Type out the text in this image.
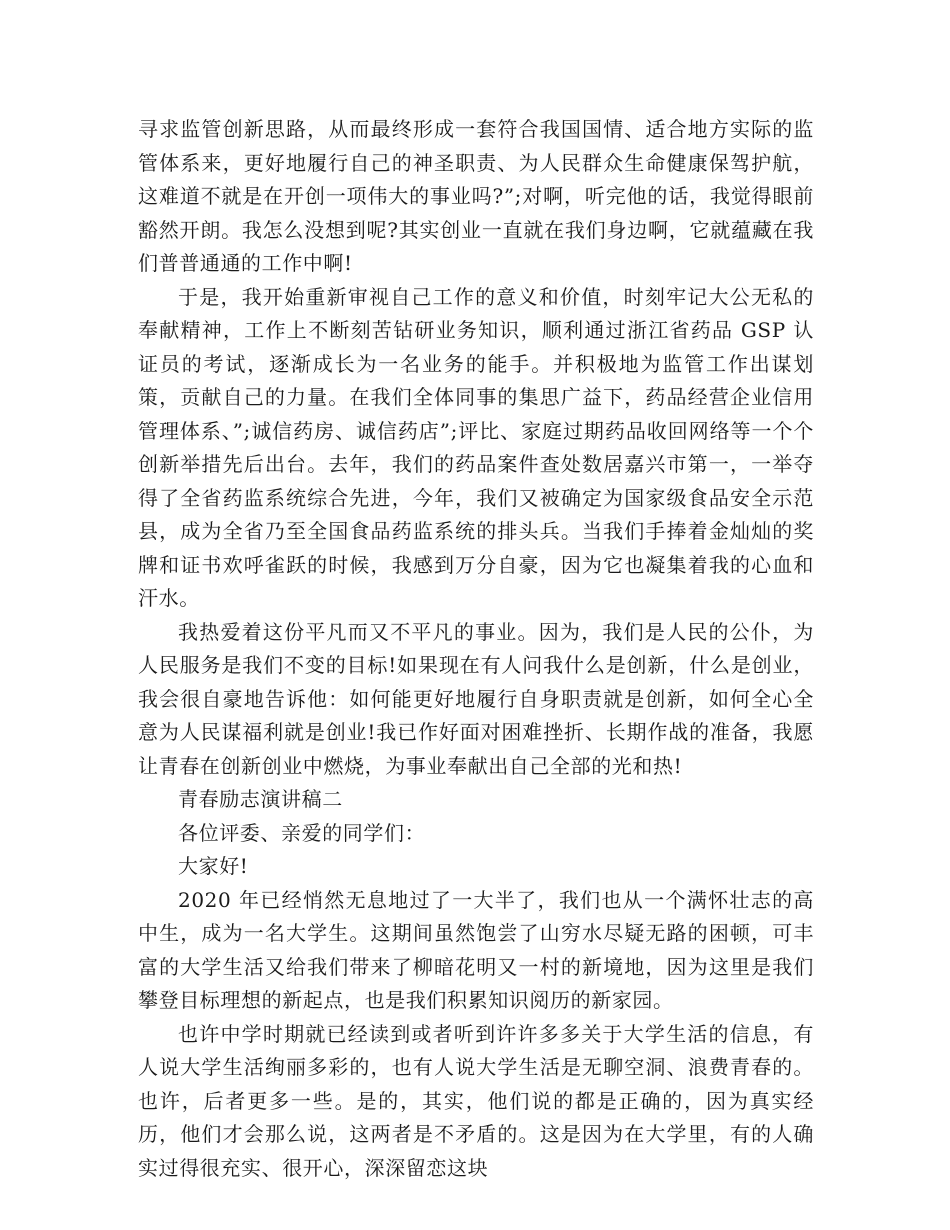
寻求监管创新思路，从而最终形成一套符合我国国情、适合地方实际的监管体系来，更好地履行自己的神圣职责、为人民群众生命健康保驾护航，这难道不就是在开创一项伟大的事业吗?”;对啊，听完他的话，我觉得眼前豁然开朗。我怎么没想到呢?其实创业一直就在我们身边啊，它就蕴藏在我们普普通通的工作中啊!

于是，我开始重新审视自己工作的意义和价值，时刻牢记大公无私的奉献精神，工作上不断刻苦钻研业务知识，顺利通过浙江省药品 GSP 认证员的考试，逐渐成长为一名业务的能手。并积极地为监管工作出谋划策，贡献自己的力量。在我们全体同事的集思广益下，药品经营企业信用管理体系、”;诚信药房、诚信药店”;评比、家庭过期药品收回网络等一个个创新举措先后出台。去年，我们的药品案件查处数居嘉兴市第一，一举夺得了全省药监系统综合先进，今年，我们又被确定为国家级食品安全示范县，成为全省乃至全国食品药监系统的排头兵。当我们手捧着金灿灿的奖牌和证书欢呼雀跃的时候，我感到万分自豪，因为它也凝集着我的心血和汗水。

我热爱着这份平凡而又不平凡的事业。因为，我们是人民的公仆，为人民服务是我们不变的目标!如果现在有人问我什么是创新，什么是创业，我会很自豪地告诉他：如何能更好地履行自身职责就是创新，如何全心全意为人民谋福利就是创业!我已作好面对困难挫折、长期作战的准备，我愿让青春在创新创业中燃烧，为事业奉献出自己全部的光和热!

青春励志演讲稿二

各位评委、亲爱的同学们：

大家好!

2020 年已经悄然无息地过了一大半了，我们也从一个满怀壮志的高中生，成为一名大学生。这期间虽然饱尝了山穷水尽疑无路的困顿，可丰富的大学生活又给我们带来了柳暗花明又一村的新境地，因为这里是我们攀登目标理想的新起点，也是我们积累知识阅历的新家园。

也许中学时期就已经读到或者听到许许多多关于大学生活的信息，有人说大学生活绚丽多彩的，也有人说大学生活是无聊空洞、浪费青春的。也许，后者更多一些。是的，其实，他们说的都是正确的，因为真实经历，他们才会那么说，这两者是不矛盾的。这是因为在大学里，有的人确实过得很充实、很开心，深深留恋这块
